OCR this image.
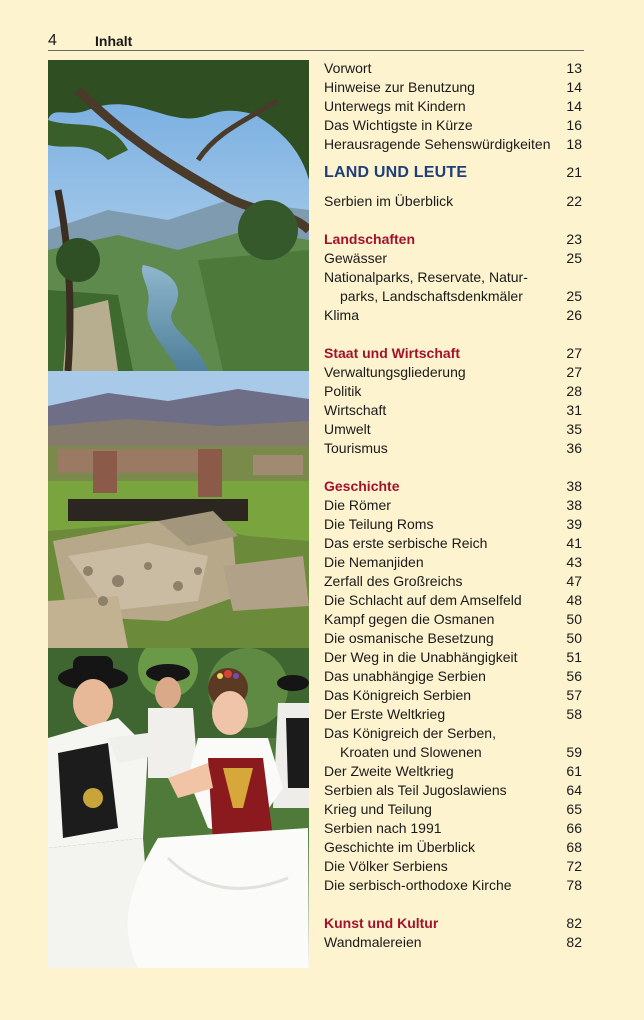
4	Inhalt
Vorwort	13
Hinweise zur Benutzung	14
Unterwegs mit Kindern	14
Das Wichtigste in Kürze	16
Herausragende Sehenswürdigkeiten	18
LAND UND LEUTE	21
Serbien im Überblick	22
Landschaften	23
Gewässer	25
Nationalparks, Reservate, Natur-
parks, Landschaftsdenkmäler	25
Klima	26
Staat und Wirtschaft	27
Verwaltungsgliederung	27
Politik	28
Wirtschaft	31
Umwelt	35
Tourismus	36
Geschichte	38
Die Römer	38
Die Teilung Roms	39
Das erste serbische Reich	41
Die Nemanjiden	43
Zerfall des Großreichs	47
Die Schlacht auf dem Amselfeld	48
Kampf gegen die Osmanen	50
Die osmanische Besetzung	50
Der Weg in die Unabhängigkeit	51
Das unabhängige Serbien	56
Das Königreich Serbien	57
Der Erste Weltkrieg	58
Das Königreich der Serben,
Kroaten und Slowenen	59
Der Zweite Weltkrieg	61
Serbien als Teil Jugoslawiens	64
Krieg und Teilung	65
Serbien nach 1991	66
Geschichte im Überblick	68
Die Völker Serbiens	72
Die serbisch-orthodoxe Kirche	78
Kunst und Kultur	82
Wandmalereien	82
